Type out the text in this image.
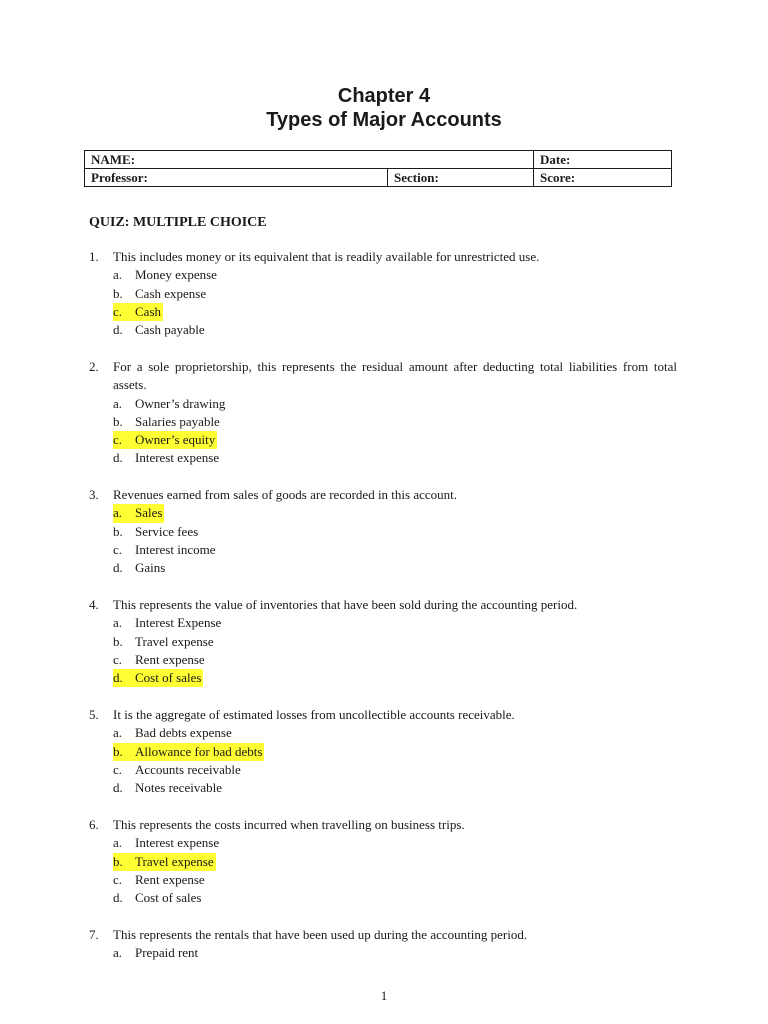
Chapter 4
Types of Major Accounts
NAME:		Date:
Professor:	Section:	Score:
QUIZ: MULTIPLE CHOICE
1.	This includes money or its equivalent that is readily available for unrestricted use.
a. Money expense
b. Cash expense
c. Cash
d. Cash payable
2.	For a sole proprietorship, this represents the residual amount after deducting total liabilities from total assets.
a. Owner’s drawing
b. Salaries payable
c. Owner’s equity
d. Interest expense
3.	Revenues earned from sales of goods are recorded in this account.
a. Sales
b. Service fees
c. Interest income
d. Gains
4.	This represents the value of inventories that have been sold during the accounting period.
a. Interest Expense
b. Travel expense
c. Rent expense
d. Cost of sales
5.	It is the aggregate of estimated losses from uncollectible accounts receivable.
a. Bad debts expense
b. Allowance for bad debts
c. Accounts receivable
d. Notes receivable
6.	This represents the costs incurred when travelling on business trips.
a. Interest expense
b. Travel expense
c. Rent expense
d. Cost of sales
7.	This represents the rentals that have been used up during the accounting period.
a. Prepaid rent
1
